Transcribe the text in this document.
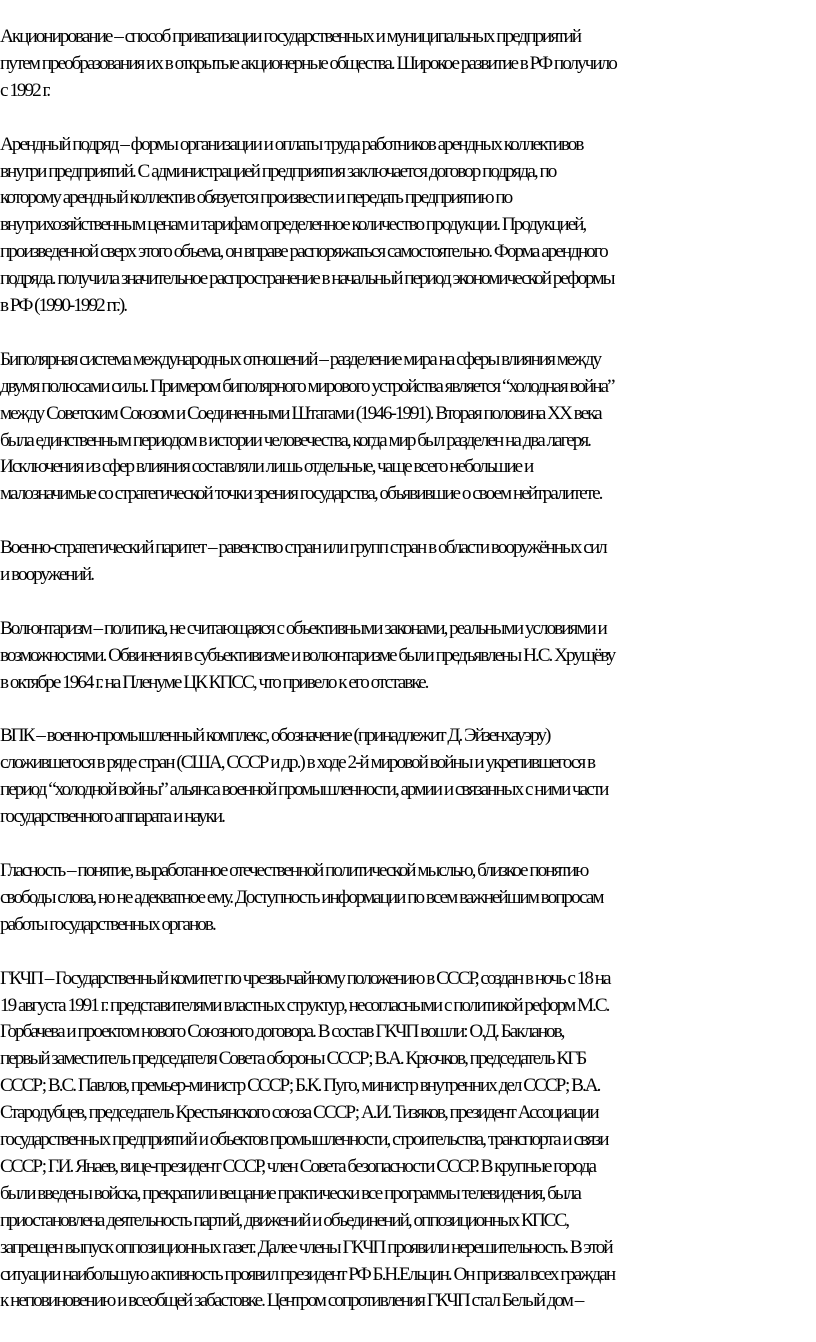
Акционирование – способ приватизации государственных и муниципальных предприятий
путем преобразования их в открытые акционерные общества. Широкое развитие в РФ получило
с 1992 г.

Арендный подряд – формы организации и оплаты труда работников арендных коллективов
внутри предприятий. С администрацией предприятия заключается договор подряда, по
которому арендный коллектив обязуется произвести и передать предприятию по
внутрихозяйственным ценам и тарифам определенное количество продукции. Продукцией,
произведенной сверх этого объема, он вправе распоряжаться самостоятельно. Форма арендного
подряда. получила значительное распространение в начальный период экономической реформы
в РФ (1990-1992 гг.).

Биполярная система международных отношений – разделение мира на сферы влияния между
двумя полюсами силы. Примером биполярного мирового устройства является “холодная война”
между Советским Союзом и Соединенными Штатами (1946-1991). Вторая половина XX века
была единственным периодом в истории человечества, когда мир был разделен на два лагеря.
Исключения из сфер влияния составляли лишь отдельные, чаще всего небольшие и
малозначимые со стратегической точки зрения государства, объявившие о своем нейтралитете.

Военно-стратегический паритет – равенство стран или групп стран в области вооружённых сил
и вооружений.

Волюнтаризм – политика, не считающаяся с объективными законами, реальными условиями и
возможностями. Обвинения в субъективизме и волюнтаризме были предъявлены Н.С. Хрущёву
в октябре 1964 г. на Пленуме ЦК КПСС, что привело к его отставке.

ВПК – военно-промышленный комплекс, обозначение (принадлежит Д. Эйзенхауэру)
сложившегося в ряде стран (США, СССР и др.) в ходе 2-й мировой войны и укрепившегося в
период “холодной войны” альянса военной промышленности, армии и связанных с ними части
государственного аппарата и науки.

Гласность – понятие, выработанное отечественной политической мыслью, близкое понятию
свободы слова, но не адекватное ему. Доступность информации по всем важнейшим вопросам
работы государственных органов.

ГКЧП – Государственный комитет по чрезвычайному положению в СССР, создан в ночь с 18 на
19 августа 1991 г. представителями властных структур, несогласными с политикой реформ М.С.
Горбачева и проектом нового Союзного договора. В состав ГКЧП вошли: О.Д. Бакланов,
первый заместитель председателя Совета обороны СССР; В.А. Крючков, председатель КГБ
СССР; В.С. Павлов, премьер-министр СССР; Б.К. Пуго, министр внутренних дел СССР; В.А.
Стародубцев, председатель Крестьянского союза СССР; А.И. Тизяков, президент Ассоциации
государственных предприятий и объектов промышленности, строительства, транспорта и связи
СССР; Г.И. Янаев, вице-президент СССР, член Совета безопасности СССР. В крупные города
были введены войска, прекратили вещание практически все программы телевидения, была
приостановлена деятельность партий, движений и объединений, оппозиционных КПСС,
запрещен выпуск оппозиционных газет. Далее члены ГКЧП проявили нерешительность. В этой
ситуации наибольшую активность проявил президент РФ Б.Н.Ельцин. Он призвал всех граждан
к неповиновению и всеобщей забастовке. Центром сопротивления ГКЧП стал Белый дом –
